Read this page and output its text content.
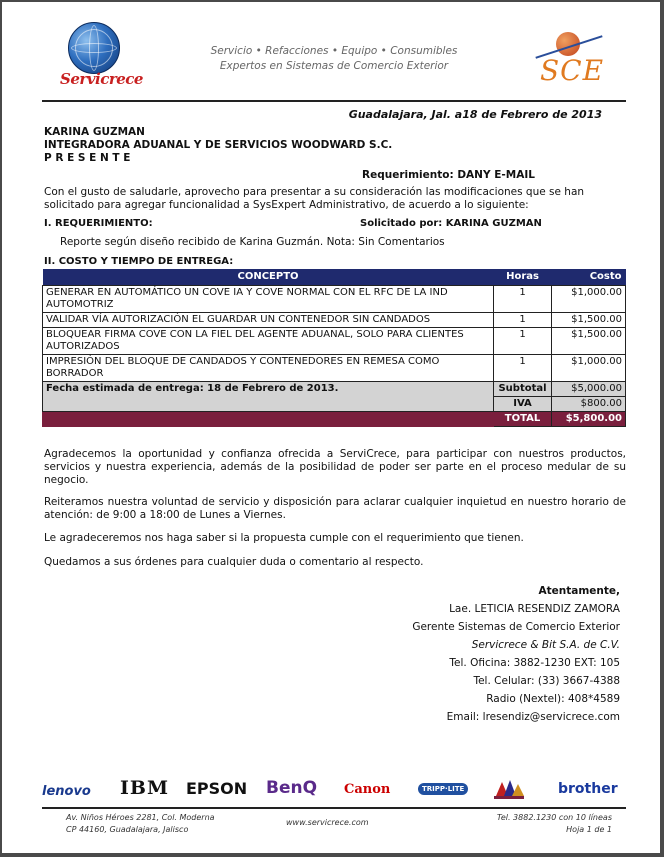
Servicrece
Servicio • Refacciones • Equipo • Consumibles
Expertos en Sistemas de Comercio Exterior	SCE
Guadalajara, Jal. a18 de Febrero de 2013
KARINA GUZMAN
INTEGRADORA ADUANAL Y DE SERVICIOS WOODWARD S.C.
P R E S E N T E
Requerimiento: DANY E-MAIL
Con el gusto de saludarle, aprovecho para presentar a su consideración las modificaciones que se han solicitado para agregar funcionalidad a SysExpert Administrativo, de acuerdo a lo siguiente:
I. REQUERIMIENTO:	Solicitado por: KARINA GUZMAN
Reporte según diseño recibido de Karina Guzmán. Nota: Sin Comentarios
II. COSTO Y TIEMPO DE ENTREGA:
CONCEPTO	Horas	Costo
GENERAR EN AUTOMÁTICO UN COVE IA Y COVE NORMAL CON EL RFC DE LA IND AUTOMOTRIZ	1	$1,000.00
VALIDAR VÍA AUTORIZACIÓN EL GUARDAR UN CONTENEDOR SIN CANDADOS	1	$1,500.00
BLOQUEAR FIRMA COVE CON LA FIEL DEL AGENTE ADUANAL, SOLO PARA CLIENTES AUTORIZADOS	1	$1,500.00
IMPRESIÓN DEL BLOQUE DE CANDADOS Y CONTENEDORES EN REMESA COMO BORRADOR	1	$1,000.00
Fecha estimada de entrega: 18 de Febrero de 2013.	Subtotal	$5,000.00
	IVA	$800.00
	TOTAL	$5,800.00
Agradecemos la oportunidad y confianza ofrecida a ServiCrece, para participar con nuestros productos, servicios y nuestra experiencia, además de la posibilidad de poder ser parte en el proceso medular de su negocio.
Reiteramos nuestra voluntad de servicio y disposición para aclarar cualquier inquietud en nuestro horario de atención: de 9:00 a 18:00 de Lunes a Viernes.
Le agradeceremos nos haga saber si la propuesta cumple con el requerimiento que tienen.
Quedamos a sus órdenes para cualquier duda o comentario al respecto.
Atentamente,
Lae. LETICIA RESENDIZ ZAMORA
Gerente Sistemas de Comercio Exterior
Servicrece & Bit S.A. de C.V.
Tel. Oficina: 3882-1230 EXT: 105
Tel. Celular: (33) 3667-4388
Radio (Nextel): 408*4589
Email: lresendiz@servicrece.com
lenovo IBM EPSON BenQ Canon	TRIPP·LITE	brother
Av. Niños Héroes 2281, Col. Moderna
CP 44160, Guadalajara, Jalisco
www.servicrece.com
Tel. 3882.1230 con 10 líneas
Hoja 1 de 1
